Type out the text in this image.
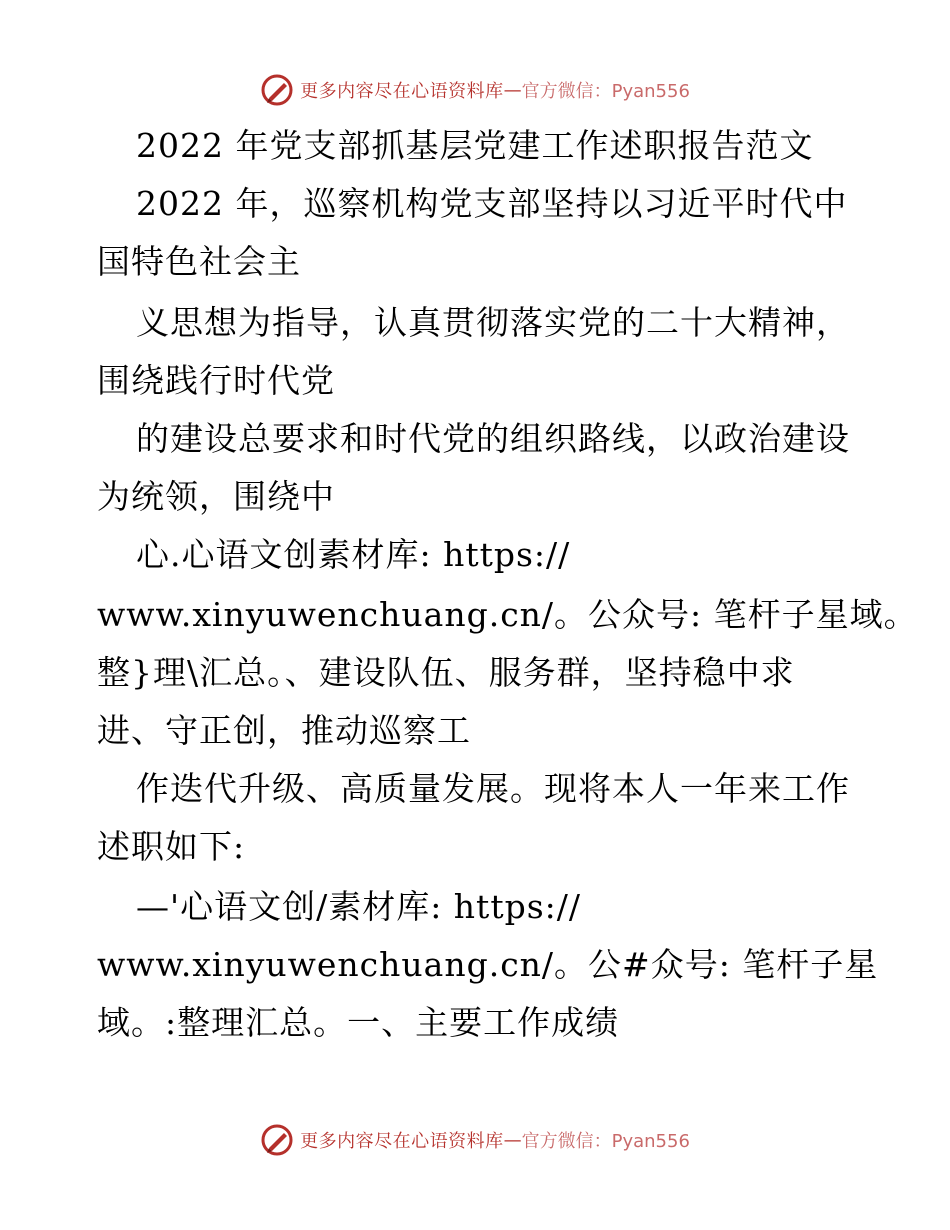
更多内容尽在心语资料库 — 官方微信：Pyan556
2022 年党支部抓基层党建工作述职报告范文
2022 年，巡察机构党支部坚持以习近平时代中
国特色社会主
义思想为指导，认真贯彻落实党的二十大精神，
围绕践行时代党
的建设总要求和时代党的组织路线，以政治建设
为统领，围绕中
心.心语文创素材库: https://
www.xinyuwenchuang.cn/。公众号: 笔杆子星域。
整}理\汇总。、建设队伍、服务群，坚持稳中求
进、守正创，推动巡察工
作迭代升级、高质量发展。现将本人一年来工作
述职如下:
—'心语文创/素材库: https://
www.xinyuwenchuang.cn/。公#众号: 笔杆子星
域。:整理汇总。一、主要工作成绩
更多内容尽在心语资料库 — 官方微信：Pyan556
